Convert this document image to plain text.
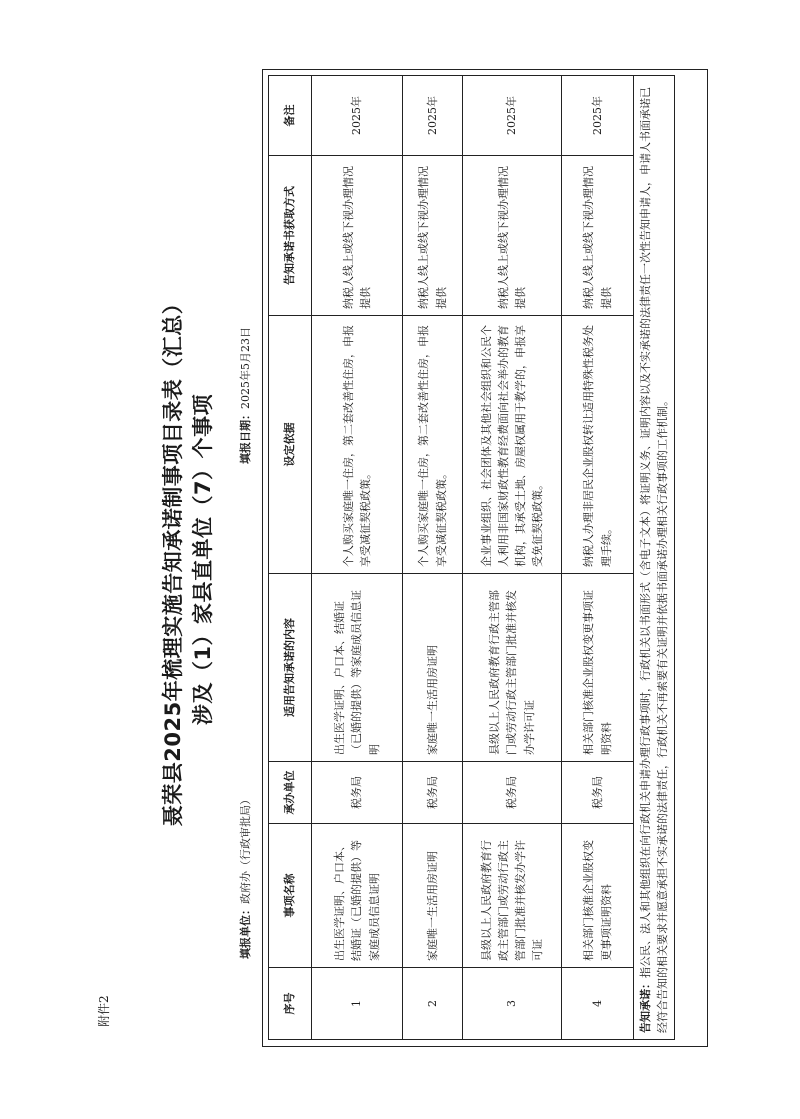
附件2
聂荣县2025年梳理实施告知承诺制事项目录表（汇总） 涉及（1）家县直单位（7）个事项
填报单位：政府办（行政审批局）
填报日期：2025年5月23日
序号	事项名称	承办单位	适用告知承诺的内容	设定依据	告知承诺书获取方式	备注
1	出生医学证明、户口本、结婚证（已婚的提供）等家庭成员信息证明	税务局	出生医学证明、户口本、结婚证（已婚的提供）等家庭成员信息证明	个人购买家庭唯一住房，第二套改善性住房，申报享受减征契税政策。	纳税人线上或线下视办理情况提供	2025年
2	家庭唯一生活用房证明	税务局	家庭唯一生活用房证明	个人购买家庭唯一住房，第二套改善性住房，申报享受减征契税政策。	纳税人线上或线下视办理情况提供	2025年
3	县级以上人民政府教育行政主管部门或劳动行政主管部门批准并核发办学许可证	税务局	县级以上人民政府教育行政主管部门或劳动行政主管部门批准并核发办学许可证	企业事业组织、社会团体及其他社会组织和公民个人利用非国家财政性教育经费面向社会举办的教育机构，其承受土地、房屋权属用于教学的，申报享受免征契税政策。	纳税人线上或线下视办理情况提供	2025年
4	相关部门核准企业股权变更事项证明资料	税务局	相关部门核准企业股权变更事项证明资料	纳税人办理非居民企业股权转让适用特殊性税务处理手续。	纳税人线上或线下视办理情况提供	2025年
告知承诺：指公民、法人和其他组织在向行政机关申请办理行政事项时，行政机关以书面形式（含电子文本）将证明义务、证明内容以及不实承诺的法律责任一次性告知申请人，申请人书面承诺已经符合告知的相关要求并愿意承担不实承诺的法律责任，行政机关不再索要有关证明并依据书面承诺办理相关行政事项的工作机制。						
